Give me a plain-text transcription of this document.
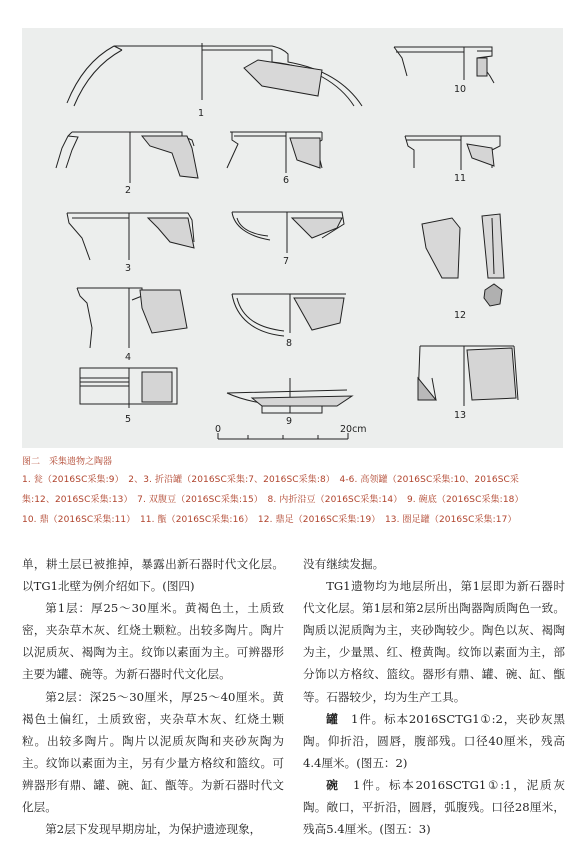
1
2
3
4
5
6
7
8
9
10
11
12
13
0	20cm
图二　采集遗物之陶器
1. 瓮（2016SC采集:9）　2、3. 折沿罐（2016SC采集:7、2016SC采集:8）　4-6. 高领罐（2016SC采集:10、2016SC采
集:12、2016SC采集:13）　7. 双腹豆（2016SC采集:15）　8. 内折沿豆（2016SC采集:14）　9. 碗底（2016SC采集:18）
10. 鼎（2016SC采集:11）　11. 甑（2016SC采集:16）　12. 鼎足（2016SC采集:19）　13. 圈足罐（2016SC采集:17）

单，耕土层已被推掉，暴露出新石器时代文化层。以TG1北壁为例介绍如下。(图四)

第1层：厚25～30厘米。黄褐色土，土质致密，夹杂草木灰、红烧土颗粒。出较多陶片。陶片以泥质灰、褐陶为主。纹饰以素面为主。可辨器形主要为罐、碗等。为新石器时代文化层。

第2层：深25～30厘米，厚25～40厘米。黄褐色土偏红，土质致密，夹杂草木灰、红烧土颗粒。出较多陶片。陶片以泥质灰陶和夹砂灰陶为主。纹饰以素面为主，另有少量方格纹和篮纹。可辨器形有鼎、罐、碗、缸、甑等。为新石器时代文化层。

第2层下发现早期房址，为保护遗迹现象，

没有继续发掘。

TG1遗物均为地层所出，第1层即为新石器时代文化层。第1层和第2层所出陶器陶质陶色一致。陶质以泥质陶为主，夹砂陶较少。陶色以灰、褐陶为主，少量黑、红、橙黄陶。纹饰以素面为主，部分饰以方格纹、篮纹。器形有鼎、罐、碗、缸、甑等。石器较少，均为生产工具。

罐　 1件。标本2016SCTG1①:2，夹砂灰黑陶。仰折沿，圆唇，腹部残。口径40厘米，残高4.4厘米。(图五：2)

碗　 1件。标本2016SCTG1①:1，泥质灰陶。敞口，平折沿，圆唇，弧腹残。口径28厘米，残高5.4厘米。(图五：3)
